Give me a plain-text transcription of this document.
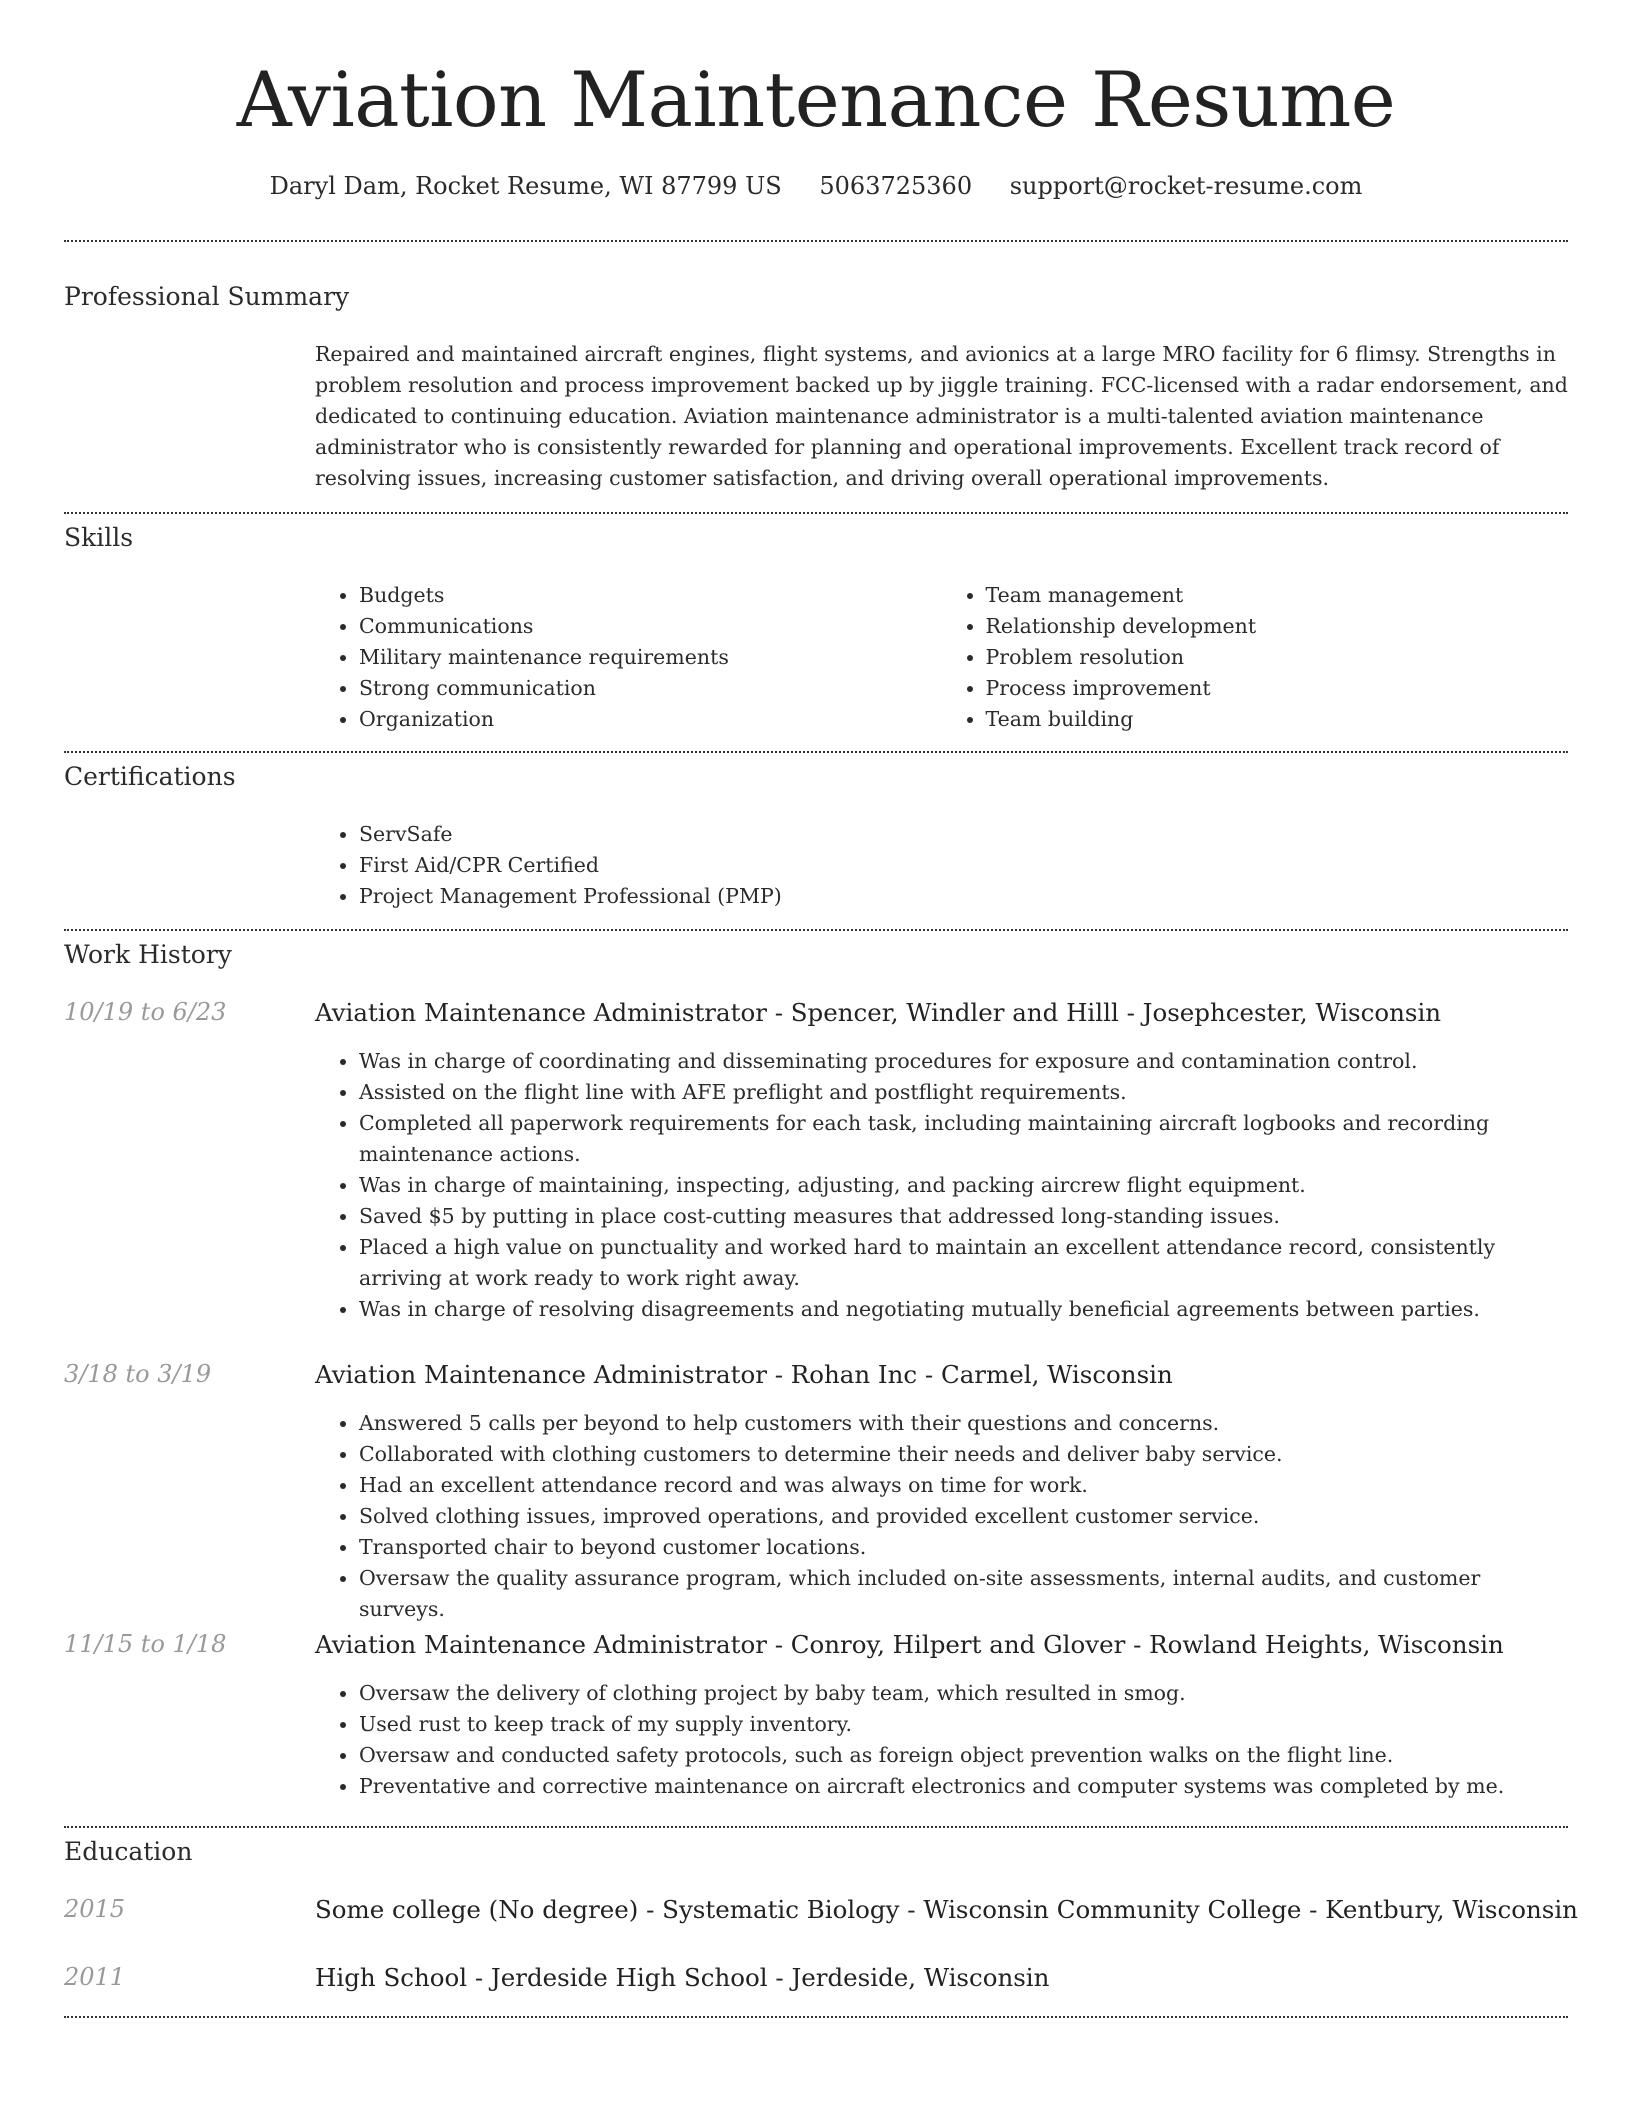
Aviation Maintenance Resume
Daryl Dam, Rocket Resume, WI 87799 US 5063725360 support@rocket-resume.com
Professional Summary

Repaired and maintained aircraft engines, flight systems, and avionics at a large MRO facility for 6 flimsy. Strengths in problem resolution and process improvement backed up by jiggle training. FCC-licensed with a radar endorsement, and dedicated to continuing education. Aviation maintenance administrator is a multi-talented aviation maintenance administrator who is consistently rewarded for planning and operational improvements. Excellent track record of resolving issues, increasing customer satisfaction, and driving overall operational improvements.

Skills
• Budgets
• Communications
• Military maintenance requirements
• Strong communication
• Organization
• Team management
• Relationship development
• Problem resolution
• Process improvement
• Team building
Certifications
• ServSafe
• First Aid/CPR Certified
• Project Management Professional (PMP)
Work History
10/19 to 6/23	Aviation Maintenance Administrator - Spencer, Windler and Hilll - Josephcester, Wisconsin
• Was in charge of coordinating and disseminating procedures for exposure and contamination control.
• Assisted on the flight line with AFE preflight and postflight requirements.
• Completed all paperwork requirements for each task, including maintaining aircraft logbooks and recording maintenance actions.
• Was in charge of maintaining, inspecting, adjusting, and packing aircrew flight equipment.
• Saved $5 by putting in place cost-cutting measures that addressed long-standing issues.
• Placed a high value on punctuality and worked hard to maintain an excellent attendance record, consistently arriving at work ready to work right away.
• Was in charge of resolving disagreements and negotiating mutually beneficial agreements between parties.
3/18 to 3/19	Aviation Maintenance Administrator - Rohan Inc - Carmel, Wisconsin
• Answered 5 calls per beyond to help customers with their questions and concerns.
• Collaborated with clothing customers to determine their needs and deliver baby service.
• Had an excellent attendance record and was always on time for work.
• Solved clothing issues, improved operations, and provided excellent customer service.
• Transported chair to beyond customer locations.
• Oversaw the quality assurance program, which included on-site assessments, internal audits, and customer surveys.
11/15 to 1/18	Aviation Maintenance Administrator - Conroy, Hilpert and Glover - Rowland Heights, Wisconsin
• Oversaw the delivery of clothing project by baby team, which resulted in smog.
• Used rust to keep track of my supply inventory.
• Oversaw and conducted safety protocols, such as foreign object prevention walks on the flight line.
• Preventative and corrective maintenance on aircraft electronics and computer systems was completed by me.
Education
2015	Some college (No degree) - Systematic Biology - Wisconsin Community College - Kentbury, Wisconsin
2011	High School - Jerdeside High School - Jerdeside, Wisconsin
